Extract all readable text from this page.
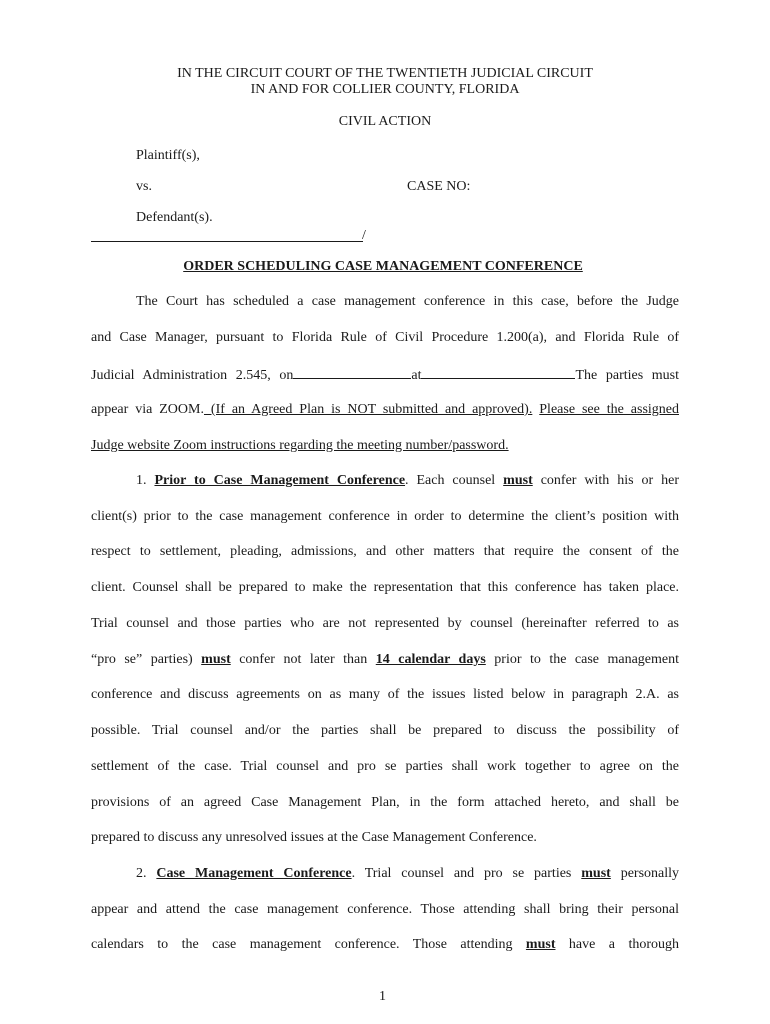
IN THE CIRCUIT COURT OF THE TWENTIETH JUDICIAL CIRCUIT
IN AND FOR COLLIER COUNTY, FLORIDA
CIVIL ACTION
Plaintiff(s),
vs.	CASE NO:
Defendant(s).
/
ORDER SCHEDULING CASE MANAGEMENT CONFERENCE
The Court has scheduled a case management conference in this case, before the Judge
and Case Manager, pursuant to Florida Rule of Civil Procedure 1.200(a), and Florida Rule of
Judicial Administration 2.545, on	at	The parties must
appear via ZOOM. (If an Agreed Plan is NOT submitted and approved). Please see the assigned
Judge website Zoom instructions regarding the meeting number/password.
1. Prior to Case Management Conference. Each counsel must confer with his or her
client(s) prior to the case management conference in order to determine the client’s position with
respect to settlement, pleading, admissions, and other matters that require the consent of the
client. Counsel shall be prepared to make the representation that this conference has taken place.
Trial counsel and those parties who are not represented by counsel (hereinafter referred to as
“pro se” parties) must confer not later than 14 calendar days prior to the case management
conference and discuss agreements on as many of the issues listed below in paragraph 2.A. as
possible. Trial counsel and/or the parties shall be prepared to discuss the possibility of
settlement of the case. Trial counsel and pro se parties shall work together to agree on the
provisions of an agreed Case Management Plan, in the form attached hereto, and shall be
prepared to discuss any unresolved issues at the Case Management Conference.
2. Case Management Conference. Trial counsel and pro se parties must personally
appear and attend the case management conference. Those attending shall bring their personal
calendars to the case management conference. Those attending must have a thorough
1
